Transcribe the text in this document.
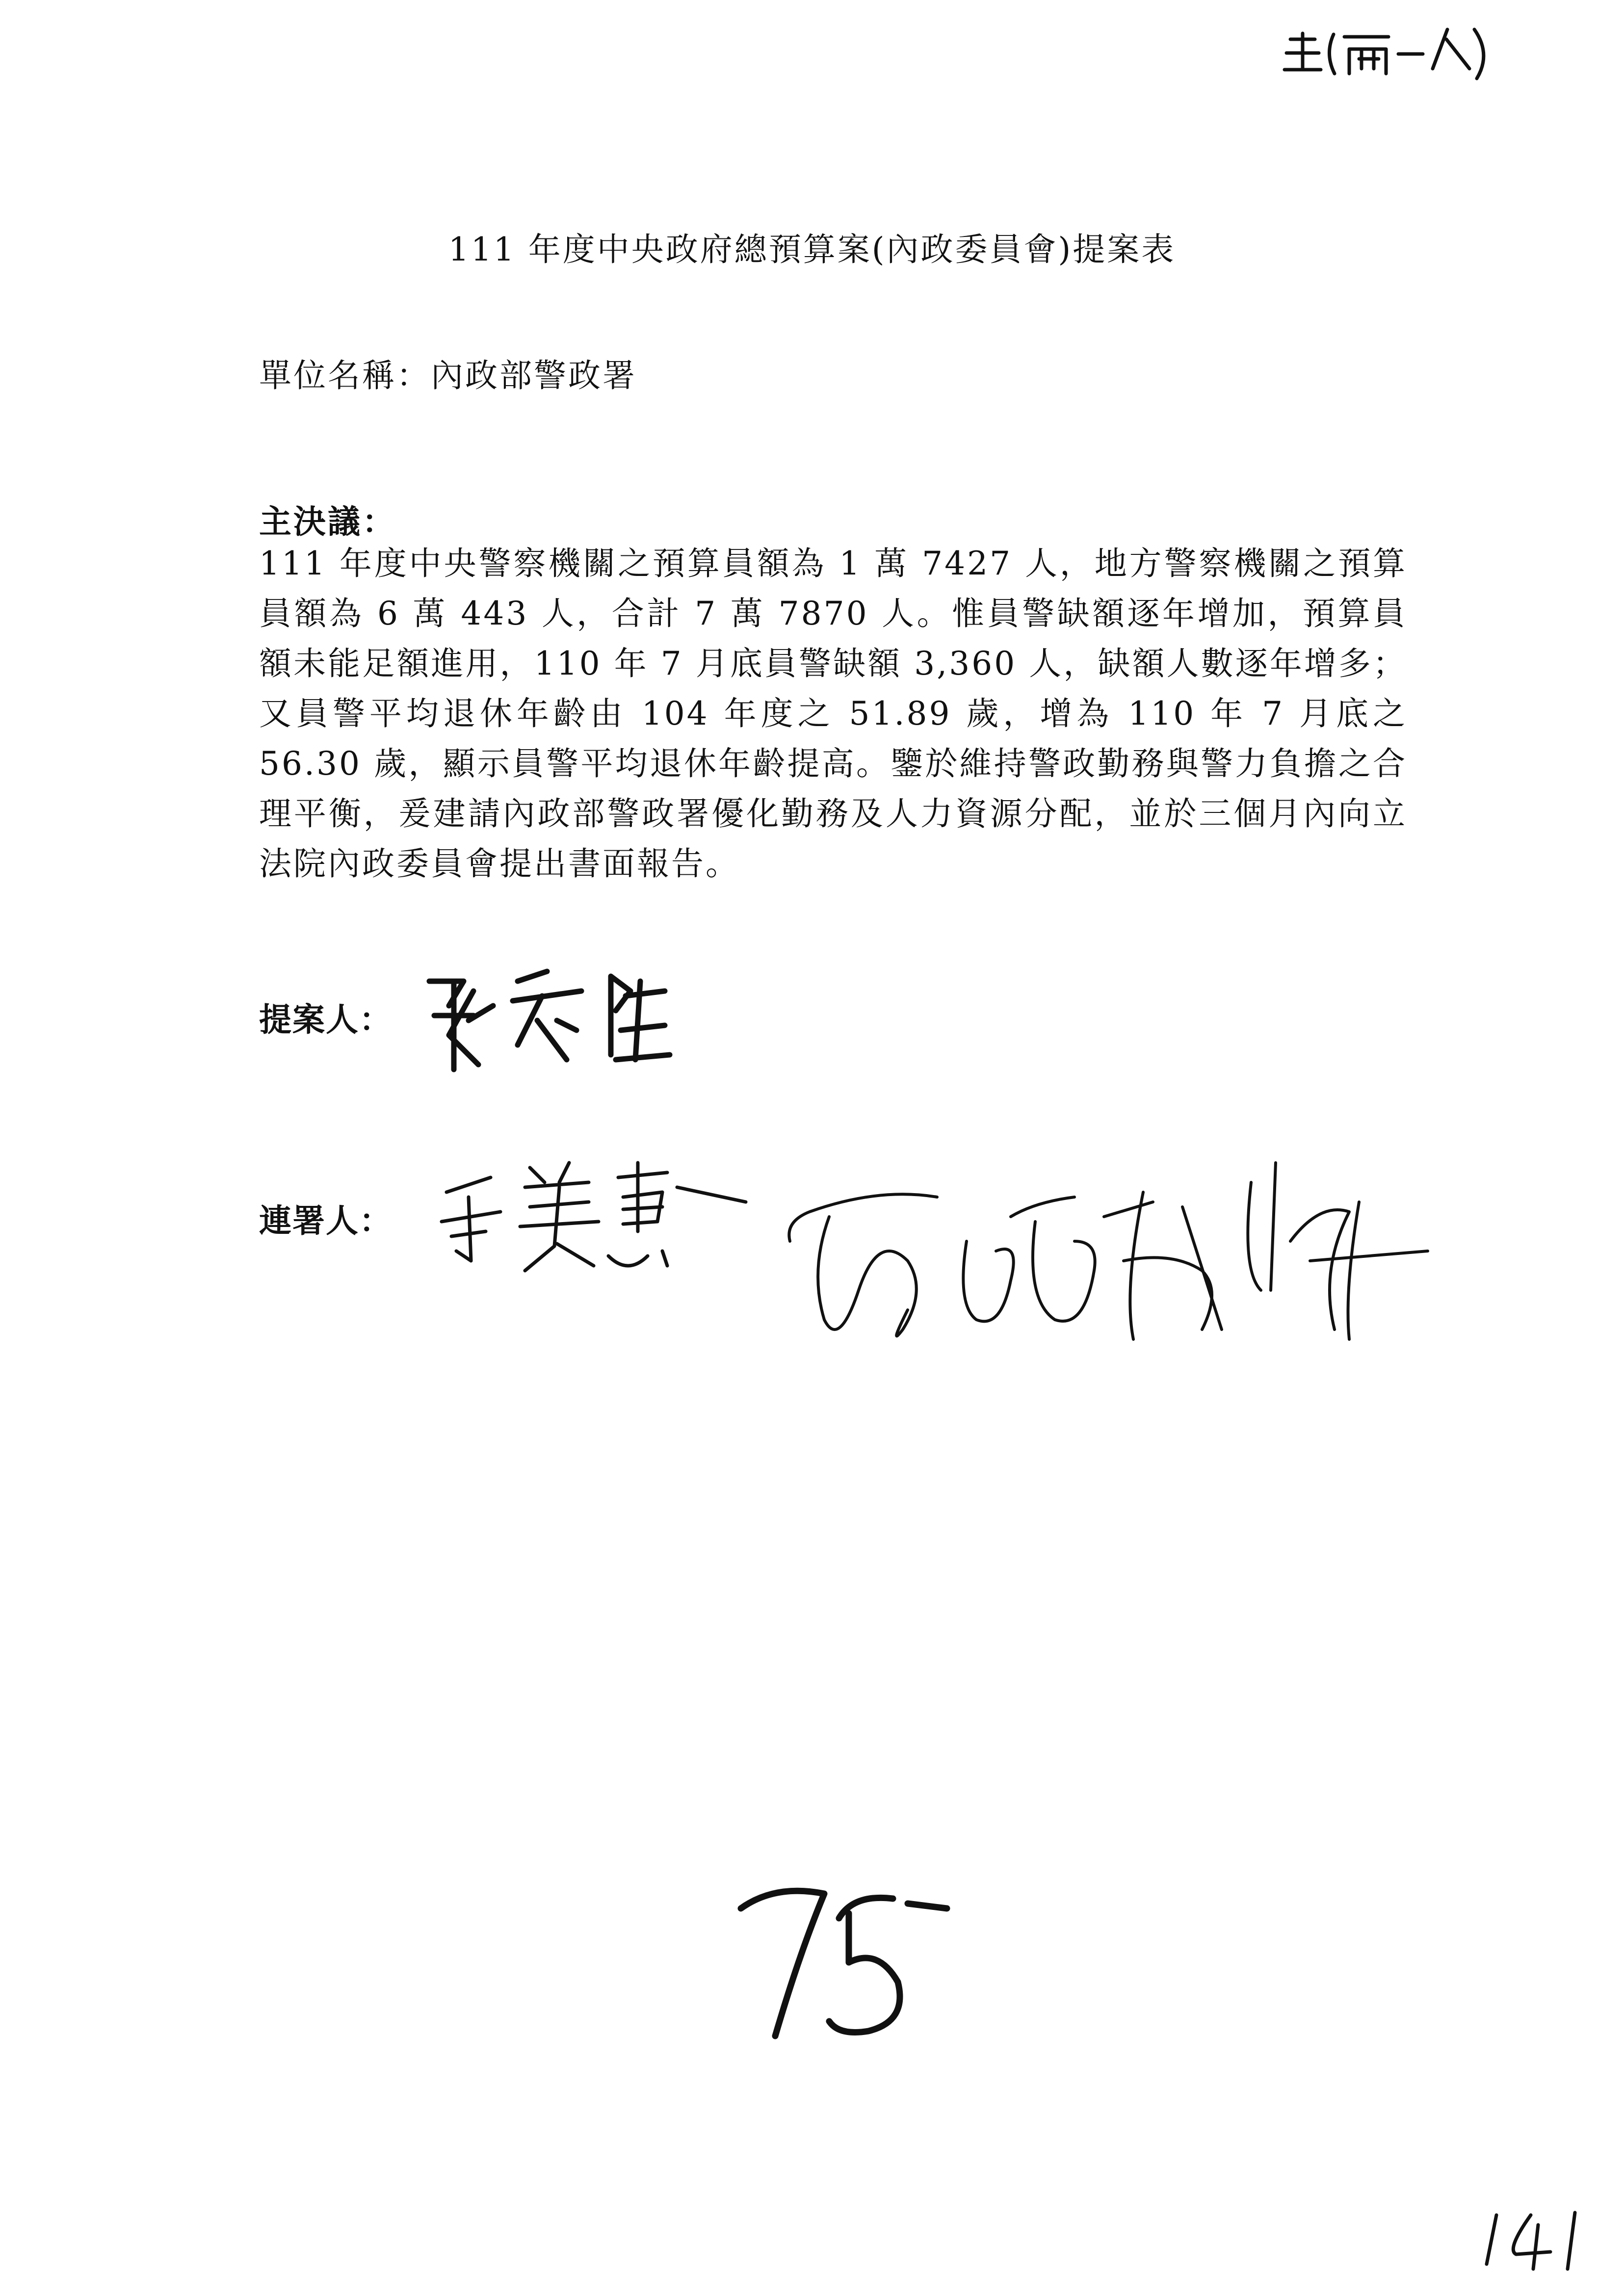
111 年度中央政府總預算案(內政委員會)提案表
單位名稱：內政部警政署
主決議：
111 年度中央警察機關之預算員額為 1 萬 7427 人，地方警察機關之預算員額為 6 萬 443 人，合計 7 萬 7870 人。惟員警缺額逐年增加，預算員額未能足額進用，110 年 7 月底員警缺額 3,360 人，缺額人數逐年增多；又員警平均退休年齡由 104 年度之 51.89 歲，增為 110 年 7 月底之 56.30 歲，顯示員警平均退休年齡提高。鑒於維持警政勤務與警力負擔之合理平衡，爰建請內政部警政署優化勤務及人力資源分配，並於三個月內向立法院內政委員會提出書面報告。
提案人：
連署人：
